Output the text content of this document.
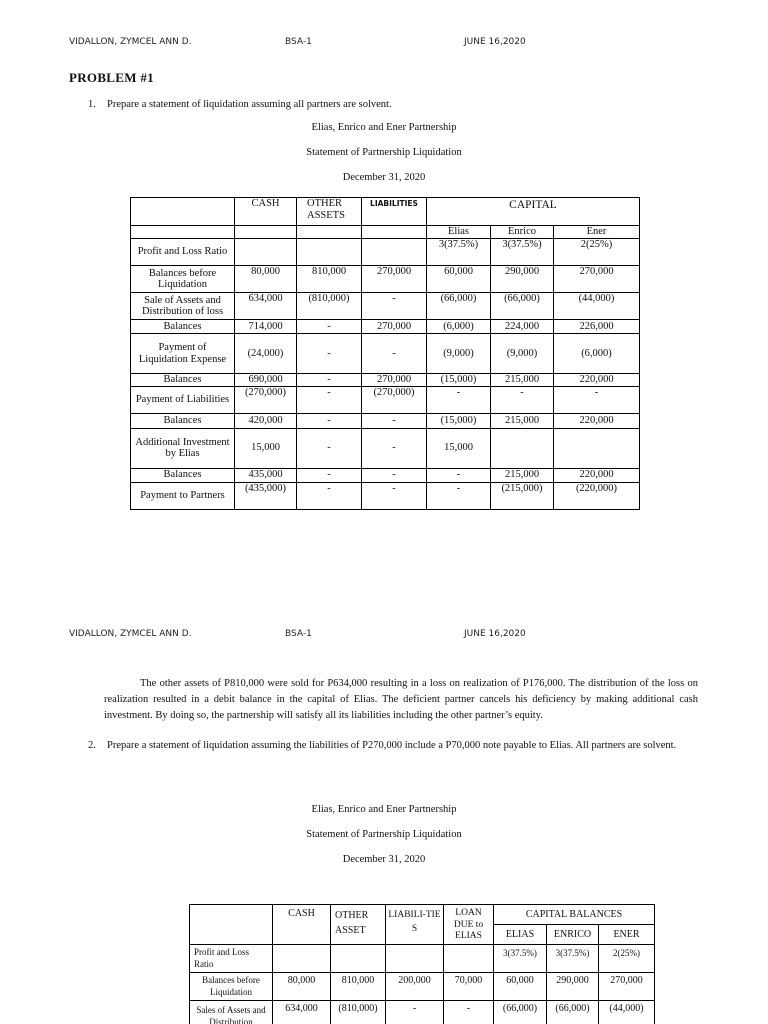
VIDALLON, ZYMCEL ANN D.	BSA-1	JUNE 16,2020
PROBLEM #1
1. Prepare a statement of liquidation assuming all partners are solvent.
Elias, Enrico and Ener Partnership
Statement of Partnership Liquidation
December 31, 2020
	CASH	OTHER ASSETS	LIABILITIES	CAPITAL		
				Elias	Enrico	Ener
Profit and Loss Ratio				3(37.5%)	3(37.5%)	2(25%)
Balances before Liquidation	80,000	810,000	270,000	60,000	290,000	270,000
Sale of Assets and Distribution of loss	634,000	(810,000)	-	(66,000)	(66,000)	(44,000)
Balances	714,000	-	270,000	(6,000)	224,000	226,000
Payment of Liquidation Expense	(24,000)	-	-	(9,000)	(9,000)	(6,000)
Balances	690,000	-	270,000	(15,000)	215,000	220,000
Payment of Liabilities	(270,000)	-	(270,000)	-	-	-
Balances	420,000	-	-	(15,000)	215,000	220,000
Additional Investment by Elias	15,000	-	-	15,000		
Balances	435,000	-	-	-	215,000	220,000
Payment to Partners	(435,000)	-	-	-	(215,000)	(220,000)
VIDALLON, ZYMCEL ANN D.	BSA-1	JUNE 16,2020
The other assets of P810,000 were sold for P634,000 resulting in a loss on realization of P176,000. The distribution of the loss on realization resulted in a debit balance in the capital of Elias. The deficient partner cancels his deficiency by making additional cash investment. By doing so, the partnership will satisfy all its liabilities including the other partner’s equity.
2. Prepare a statement of liquidation assuming the liabilities of P270,000 include a P70,000 note payable to Elias. All partners are solvent.
Elias, Enrico and Ener Partnership
Statement of Partnership Liquidation
December 31, 2020
	CASH	OTHER ASSET	LIABILI-TIES	LOAN DUE to ELIAS	CAPITAL BALANCES		
					ELIAS	ENRICO	ENER
Profit and Loss Ratio					3(37.5%)	3(37.5%)	2(25%)
Balances before Liquidation	80,000	810,000	200,000	70,000	60,000	290,000	270,000
Sales of Assets and Distribution	634,000	(810,000)	-	-	(66,000)	(66,000)	(44,000)
